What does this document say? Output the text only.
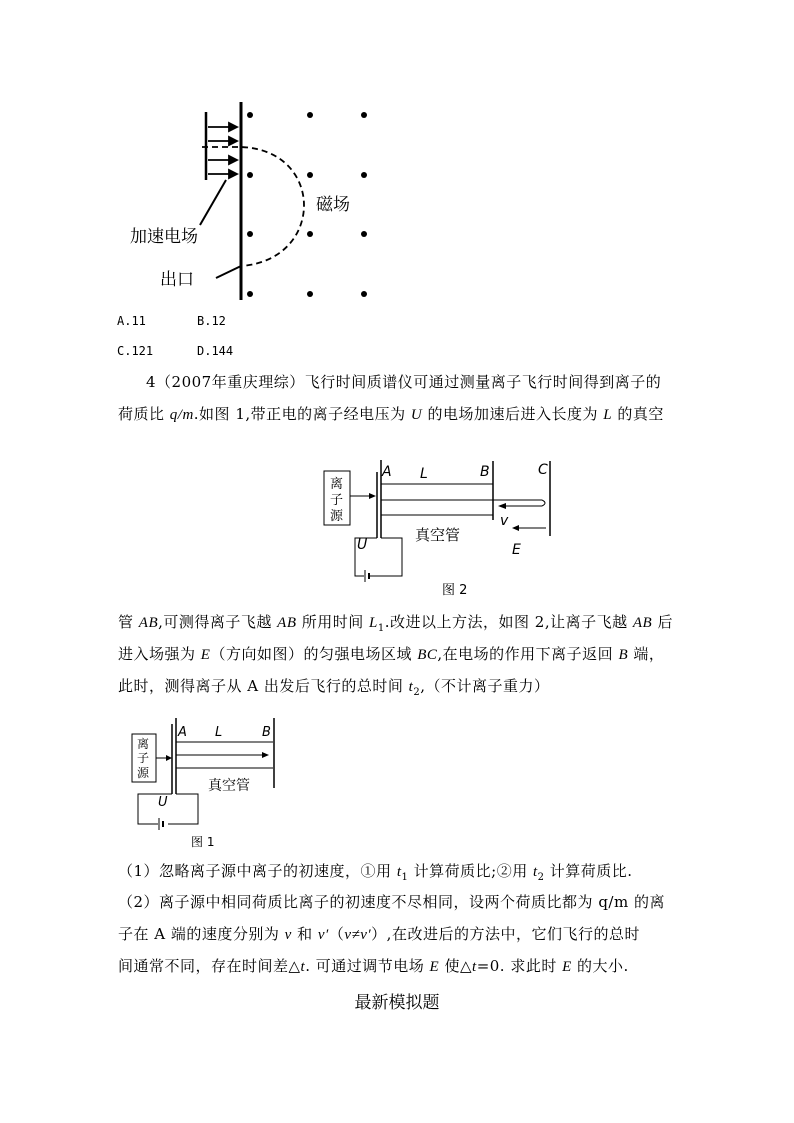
加速电场
出口
磁场
A.11	B.12
C.121	D.144
4（2007年重庆理综）飞行时间质谱仪可通过测量离子飞行时间得到离子的
荷质比 q/m.如图 1,带正电的离子经电压为 U 的电场加速后进入长度为 L 的真空
离
子
源
A L	B	C
v
E
真空管
U
图 2
管 AB,可测得离子飞越 AB 所用时间 $L_1$.改进以上方法，如图 2,让离子飞越 AB 后
进入场强为 E（方向如图）的匀强电场区域 BC,在电场的作用下离子返回 B 端，
此时，测得离子从 A 出发后飞行的总时间 $t_2$,（不计离子重力）
离
子
源
A L	B
真空管
U
图 1
（1）忽略离子源中离子的初速度，①用 $t_1$ 计算荷质比;②用 $t_2$ 计算荷质比.
（2）离子源中相同荷质比离子的初速度不尽相同，设两个荷质比都为 q/m 的离
子在 A 端的速度分别为 v 和 v′（v≠v′）,在改进后的方法中，它们飞行的总时
间通常不同，存在时间差△t. 可通过调节电场 E 使△t=0. 求此时 E 的大小.
最新模拟题
